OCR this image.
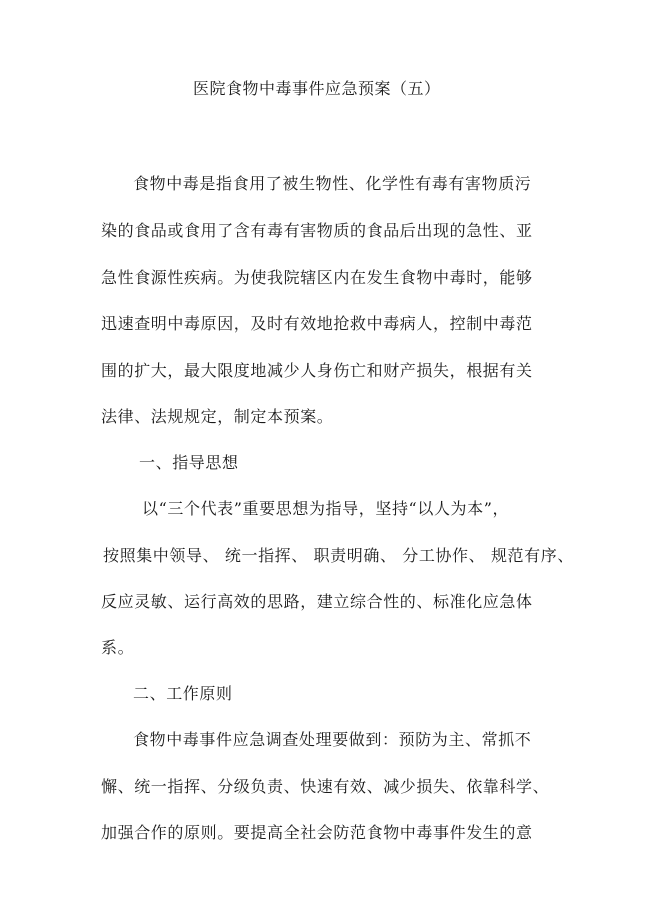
医院食物中毒事件应急预案（五）
食物中毒是指食用了被生物性、化学性有毒有害物质污
染的食品或食用了含有毒有害物质的食品后出现的急性、亚
急性食源性疾病。为使我院辖区内在发生食物中毒时，能够
迅速查明中毒原因，及时有效地抢救中毒病人，控制中毒范
围的扩大，最大限度地减少人身伤亡和财产损失，根据有关
法律、法规规定，制定本预案。
一、指导思想
以“三个代表”重要思想为指导，坚持“以人为本”，
按照集中领导、 统一指挥、 职责明确、 分工协作、 规范有序、
反应灵敏、运行高效的思路，建立综合性的、标准化应急体
系。
二、工作原则
食物中毒事件应急调查处理要做到：预防为主、常抓不
懈、统一指挥、分级负责、快速有效、减少损失、依靠科学、
加强合作的原则。要提高全社会防范食物中毒事件发生的意
